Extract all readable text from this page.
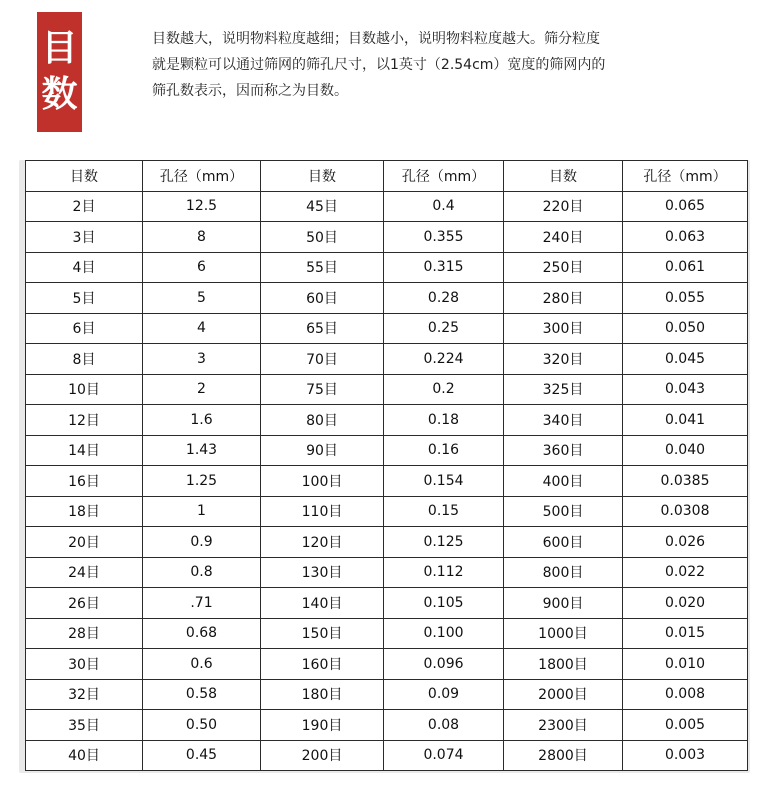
目
数

目数越大，说明物料粒度越细；目数越小，说明物料粒度越大。筛分粒度
就是颗粒可以通过筛网的筛孔尺寸，以1英寸（2.54cm）宽度的筛网内的
筛孔数表示，因而称之为目数。

目数	孔径（mm）	目数	孔径（mm）	目数	孔径（mm）
2目	12.5	45目	0.4	220目	0.065
3目	8	50目	0.355	240目	0.063
4目	6	55目	0.315	250目	0.061
5目	5	60目	0.28	280目	0.055
6目	4	65目	0.25	300目	0.050
8目	3	70目	0.224	320目	0.045
10目	2	75目	0.2	325目	0.043
12目	1.6	80目	0.18	340目	0.041
14目	1.43	90目	0.16	360目	0.040
16目	1.25	100目	0.154	400目	0.0385
18目	1	110目	0.15	500目	0.0308
20目	0.9	120目	0.125	600目	0.026
24目	0.8	130目	0.112	800目	0.022
26目	.71	140目	0.105	900目	0.020
28目	0.68	150目	0.100	1000目	0.015
30目	0.6	160目	0.096	1800目	0.010
32目	0.58	180目	0.09	2000目	0.008
35目	0.50	190目	0.08	2300目	0.005
40目	0.45	200目	0.074	2800目	0.003
